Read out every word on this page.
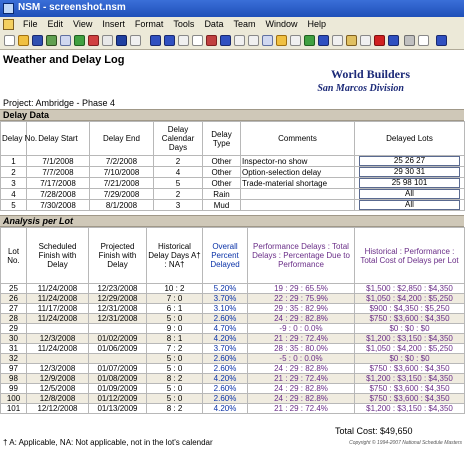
NSM - screenshot.nsm
File	Edit	View	Insert	Format	Tools	Data	Team	Window	Help
Weather and Delay Log
World Builders
San Marcos Division
Project: Ambridge - Phase 4
Delay Data
Delay No.	Delay Start	Delay End	Delay Calendar Days	Delay Type	Comments	Delayed Lots
1	7/1/2008	7/2/2008	2	Other	Inspector-no show	25 26 27
2	7/7/2008	7/10/2008	4	Other	Option-selection delay	29 30 31
3	7/17/2008	7/21/2008	5	Other	Trade-material shortage	25 98 101
4	7/28/2008	7/29/2008	2	Rain		All
5	7/30/2008	8/1/2008	3	Mud		All
Analysis per Lot
Lot No.	Scheduled Finish with Delay	Projected Finish with Delay	Historical Delay Days A† : NA†	Overall Percent Delayed	Performance Delays : Total Delays : Percentage Due to Performance	Historical : Performance : Total Cost of Delays per Lot
25	11/24/2008	12/23/2008	10 : 2	5.20%	19 : 29 : 65.5%	$1,500 : $2,850 : $4,350
26	11/24/2008	12/29/2008	7 : 0	3.70%	22 : 29 : 75.9%	$1,050 : $4,200 : $5,250
27	11/17/2008	12/31/2008	6 : 1	3.10%	29 : 35 : 82.9%	$900 : $4,350 : $5,250
28	11/24/2008	12/31/2008	5 : 0	2.60%	24 : 29 : 82.8%	$750 : $3,600 : $4,350
29			9 : 0	4.70%	-9 : 0 : 0.0%	$0 : $0 : $0
30	12/3/2008	01/02/2009	8 : 1	4.20%	21 : 29 : 72.4%	$1,200 : $3,150 : $4,350
31	11/24/2008	01/06/2009	7 : 2	3.70%	28 : 35 : 80.0%	$1,050 : $4,200 : $5,250
32			5 : 0	2.60%	-5 : 0 : 0.0%	$0 : $0 : $0
97	12/3/2008	01/07/2009	5 : 0	2.60%	24 : 29 : 82.8%	$750 : $3,600 : $4,350
98	12/9/2008	01/08/2009	8 : 2	4.20%	21 : 29 : 72.4%	$1,200 : $3,150 : $4,350
99	12/5/2008	01/09/2009	5 : 0	2.60%	24 : 29 : 82.8%	$750 : $3,600 : $4,350
100	12/8/2008	01/12/2009	5 : 0	2.60%	24 : 29 : 82.8%	$750 : $3,600 : $4,350
101	12/12/2008	01/13/2009	8 : 2	4.20%	21 : 29 : 72.4%	$1,200 : $3,150 : $4,350
Total Cost: $49,650
† A: Applicable, NA: Not applicable, not in the lot's calendar	Copyright © 1994-2007 National Schedule Masters
